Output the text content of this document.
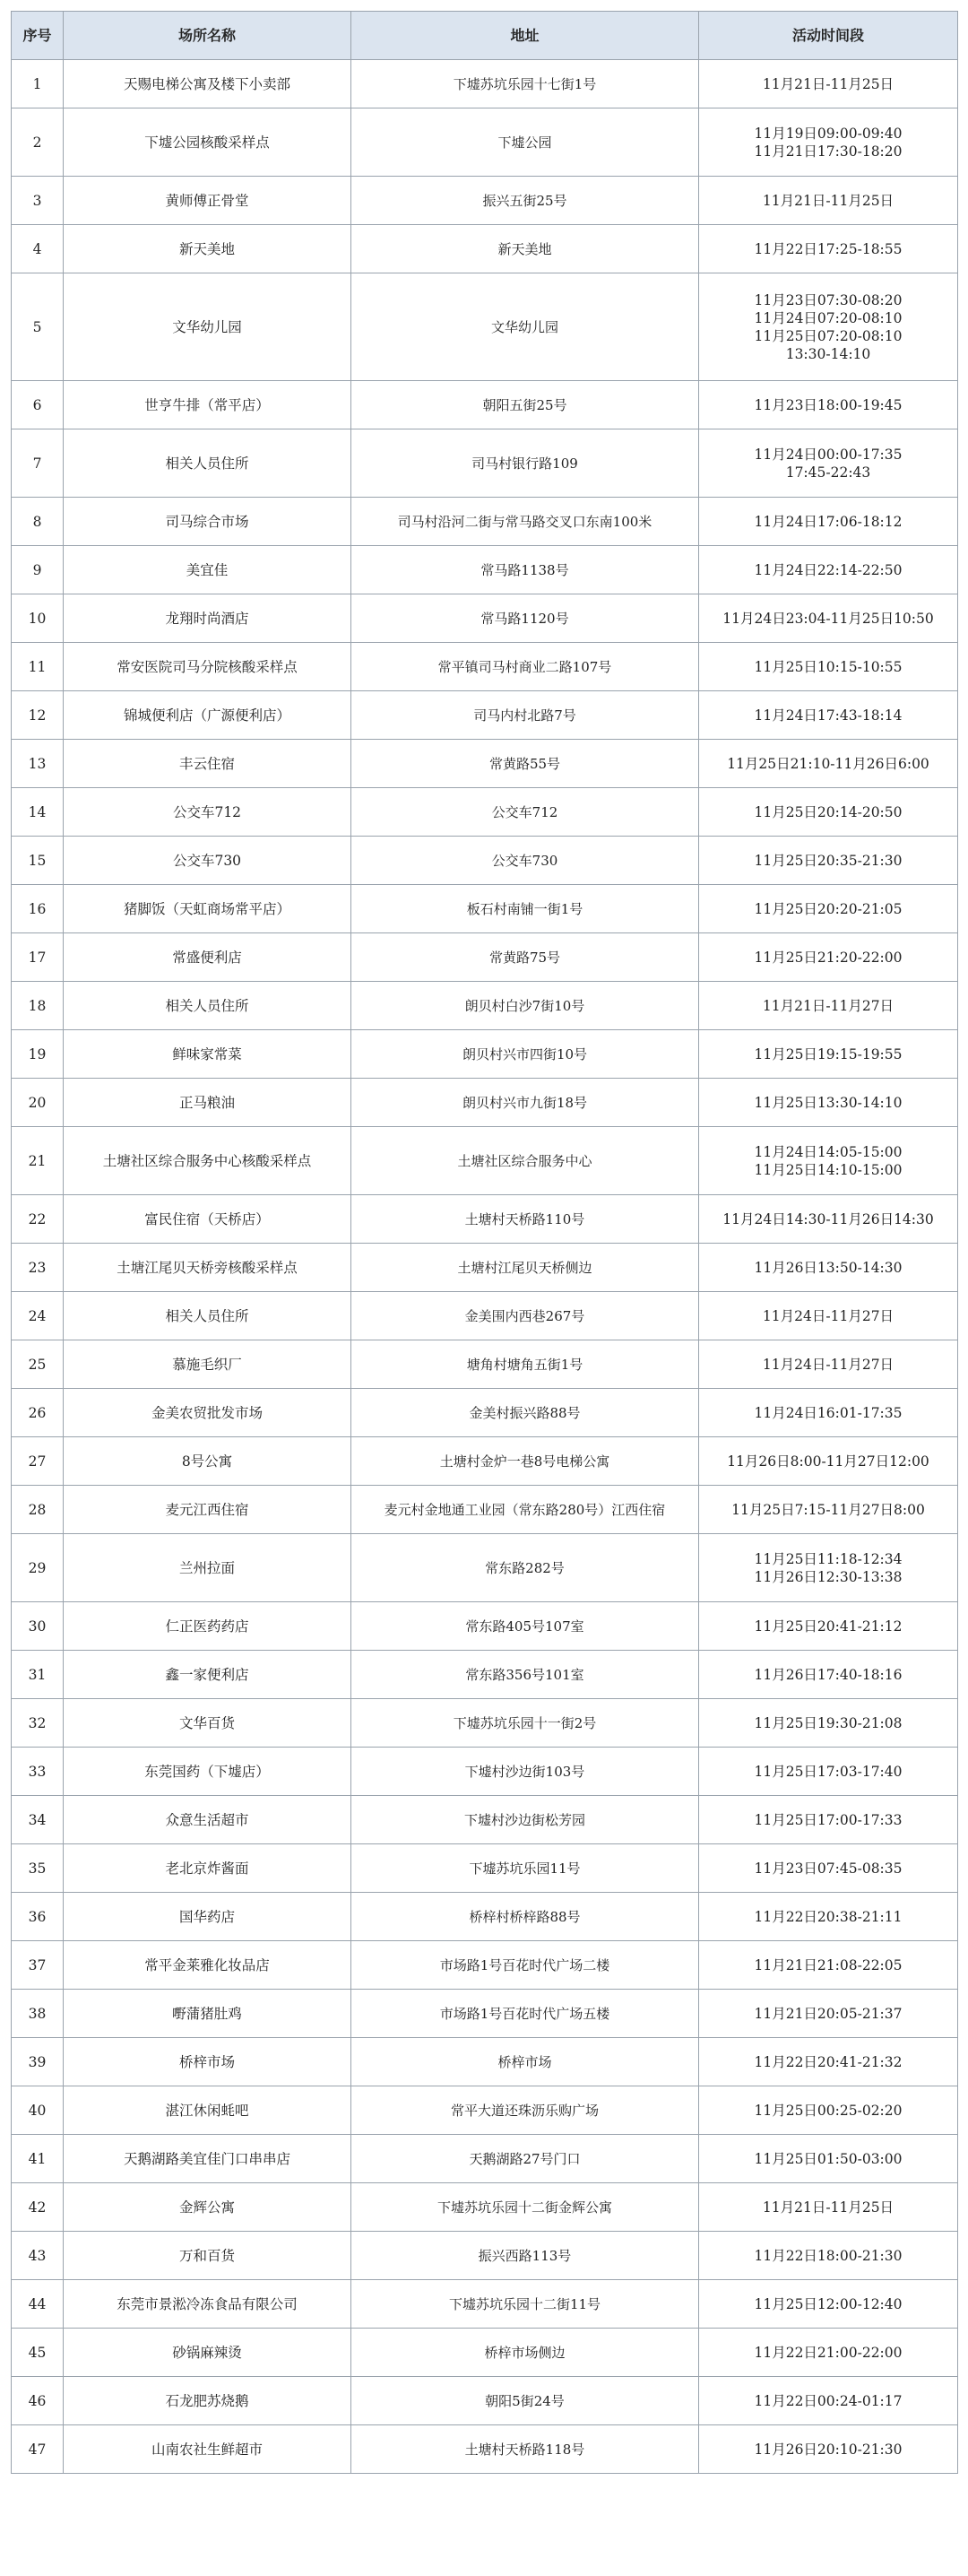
序号	场所名称	地址	活动时间段
1	天赐电梯公寓及楼下小卖部	下墟苏坑乐园十七街1号	11月21日-11月25日

2	下墟公园核酸采样点	下墟公园	11月19日09:00-09:40
11月21日17:30-18:20

3	黄师傅正骨堂	振兴五街25号	11月21日-11月25日

4	新天美地	新天美地	11月22日17:25-18:55

5	文华幼儿园	文华幼儿园	11月23日07:30-08:20
11月24日07:20-08:10
11月25日07:20-08:10
13:30-14:10

6	世亨牛排（常平店）	朝阳五街25号	11月23日18:00-19:45

7	相关人员住所	司马村银行路109	11月24日00:00-17:35
17:45-22:43

8	司马综合市场	司马村沿河二街与常马路交叉口东南100米	11月24日17:06-18:12

9	美宜佳	常马路1138号	11月24日22:14-22:50

10	龙翔时尚酒店	常马路1120号	11月24日23:04-11月25日10:50

11	常安医院司马分院核酸采样点	常平镇司马村商业二路107号	11月25日10:15-10:55

12	锦城便利店（广源便利店）	司马内村北路7号	11月24日17:43-18:14

13	丰云住宿	常黄路55号	11月25日21:10-11月26日6:00

14	公交车712	公交车712	11月25日20:14-20:50

15	公交车730	公交车730	11月25日20:35-21:30

16	猪脚饭（天虹商场常平店）	板石村南铺一街1号	11月25日20:20-21:05

17	常盛便利店	常黄路75号	11月25日21:20-22:00

18	相关人员住所	朗贝村白沙7街10号	11月21日-11月27日

19	鲜味家常菜	朗贝村兴市四街10号	11月25日19:15-19:55

20	正马粮油	朗贝村兴市九街18号	11月25日13:30-14:10

21	土塘社区综合服务中心核酸采样点	土塘社区综合服务中心	11月24日14:05-15:00
11月25日14:10-15:00

22	富民住宿（天桥店）	土塘村天桥路110号	11月24日14:30-11月26日14:30

23	土塘江尾贝天桥旁核酸采样点	土塘村江尾贝天桥侧边	11月26日13:50-14:30

24	相关人员住所	金美围内西巷267号	11月24日-11月27日

25	慕施毛织厂	塘角村塘角五街1号	11月24日-11月27日

26	金美农贸批发市场	金美村振兴路88号	11月24日16:01-17:35

27	8号公寓	土塘村金炉一巷8号电梯公寓	11月26日8:00-11月27日12:00

28	麦元江西住宿	麦元村金地通工业园（常东路280号）江西住宿	11月25日7:15-11月27日8:00

29	兰州拉面	常东路282号	11月25日11:18-12:34
11月26日12:30-13:38

30	仁正医药药店	常东路405号107室	11月25日20:41-21:12

31	鑫一家便利店	常东路356号101室	11月26日17:40-18:16

32	文华百货	下墟苏坑乐园十一街2号	11月25日19:30-21:08

33	东莞国药（下墟店）	下墟村沙边街103号	11月25日17:03-17:40

34	众意生活超市	下墟村沙边街松芳园	11月25日17:00-17:33

35	老北京炸酱面	下墟苏坑乐园11号	11月23日07:45-08:35

36	国华药店	桥梓村桥梓路88号	11月22日20:38-21:11

37	常平金莱雅化妆品店	市场路1号百花时代广场二楼	11月21日21:08-22:05

38	嘢蒲猪肚鸡	市场路1号百花时代广场五楼	11月21日20:05-21:37

39	桥梓市场	桥梓市场	11月22日20:41-21:32

40	湛江休闲蚝吧	常平大道还珠沥乐购广场	11月25日00:25-02:20

41	天鹅湖路美宜佳门口串串店	天鹅湖路27号门口	11月25日01:50-03:00

42	金辉公寓	下墟苏坑乐园十二街金辉公寓	11月21日-11月25日

43	万和百货	振兴西路113号	11月22日18:00-21:30

44	东莞市景淞冷冻食品有限公司	下墟苏坑乐园十二街11号	11月25日12:00-12:40

45	砂锅麻辣烫	桥梓市场侧边	11月22日21:00-22:00

46	石龙肥苏烧鹅	朝阳5街24号	11月22日00:24-01:17

47	山南农社生鲜超市	土塘村天桥路118号	11月26日20:10-21:30
